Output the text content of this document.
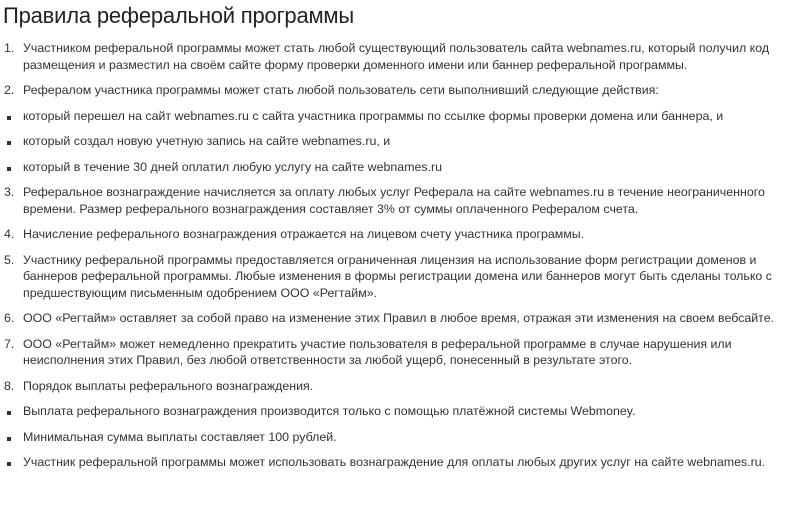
Правила реферальной программы
1. Участником реферальной программы может стать любой существующий пользователь сайта webnames.ru, который получил код размещения и разместил на своём сайте форму проверки доменного имени или баннер реферальной программы.
2. Рефералом участника программы может стать любой пользователь сети выполнивший следующие действия:
который перешел на сайт webnames.ru с сайта участника программы по ссылке формы проверки домена или баннера, и
который создал новую учетную запись на сайте webnames.ru, и
который в течение 30 дней оплатил любую услугу на сайте webnames.ru
3. Реферальное вознаграждение начисляется за оплату любых услуг Реферала на сайте webnames.ru в течение неограниченного времени. Размер реферального вознаграждения составляет 3% от суммы оплаченного Рефералом счета.
4. Начисление реферального вознаграждения отражается на лицевом счету участника программы.
5. Участнику реферальной программы предоставляется ограниченная лицензия на использование форм регистрации доменов и баннеров реферальной программы. Любые изменения в формы регистрации домена или баннеров могут быть сделаны только с предшествующим письменным одобрением ООО «Регтайм».
6. ООО «Регтайм» оставляет за собой право на изменение этих Правил в любое время, отражая эти изменения на своем вебсайте.
7. ООО «Регтайм» может немедленно прекратить участие пользователя в реферальной программе в случае нарушения или неисполнения этих Правил, без любой ответственности за любой ущерб, понесенный в результате этого.
8. Порядок выплаты реферального вознаграждения.
Выплата реферального вознаграждения производится только с помощью платёжной системы Webmoney.
Минимальная сумма выплаты составляет 100 рублей.
Участник реферальной программы может использовать вознаграждение для оплаты любых других услуг на сайте webnames.ru.
